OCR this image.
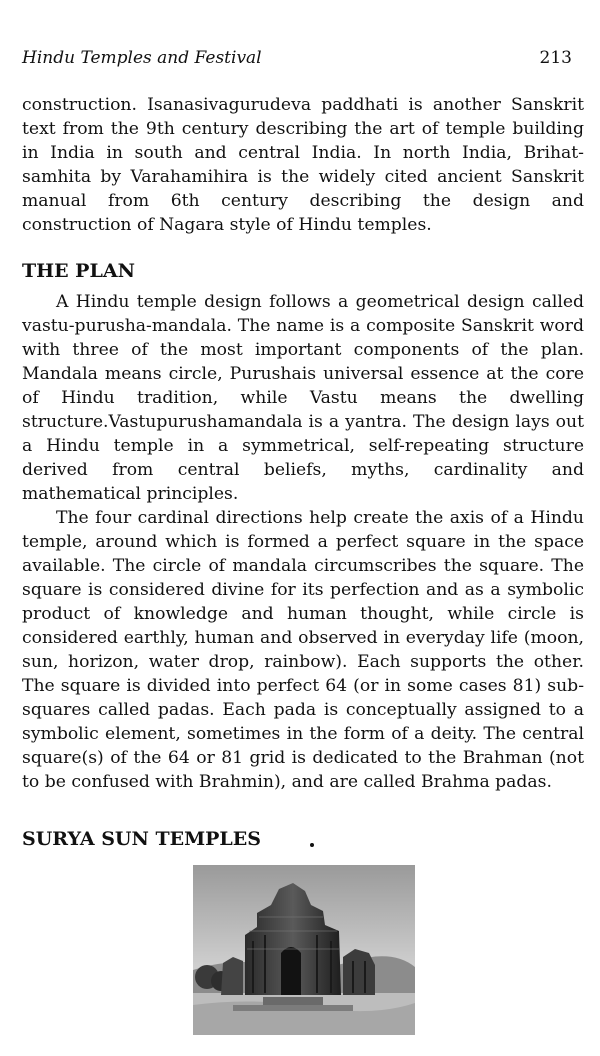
Hindu Temples and Festival	213

construction. Isanasivagurudeva paddhati is another Sanskrit text from the 9th century describing the art of temple building in India in south and central India. In north India, Brihat-samhita by Varahamihira is the widely cited ancient Sanskrit manual from 6th century describing the design and construction of Nagara style of Hindu temples.

THE PLAN

A Hindu temple design follows a geometrical design called vastu-purusha-mandala. The name is a composite Sanskrit word with three of the most important components of the plan. Mandala means circle, Purushais universal essence at the core of Hindu tradition, while Vastu means the dwelling structure.Vastupurushamandala is a yantra. The design lays out a Hindu temple in a symmetrical, self-repeating structure derived from central beliefs, myths, cardinality and mathematical principles.

The four cardinal directions help create the axis of a Hindu temple, around which is formed a perfect square in the space available. The circle of mandala circumscribes the square. The square is considered divine for its perfection and as a symbolic product of knowledge and human thought, while circle is considered earthly, human and observed in everyday life (moon, sun, horizon, water drop, rainbow). Each supports the other. The square is divided into perfect 64 (or in some cases 81) sub-squares called padas. Each pada is conceptually assigned to a symbolic element, sometimes in the form of a deity. The central square(s) of the 64 or 81 grid is dedicated to the Brahman (not to be confused with Brahmin), and are called Brahma padas.

SURYA SUN TEMPLES
